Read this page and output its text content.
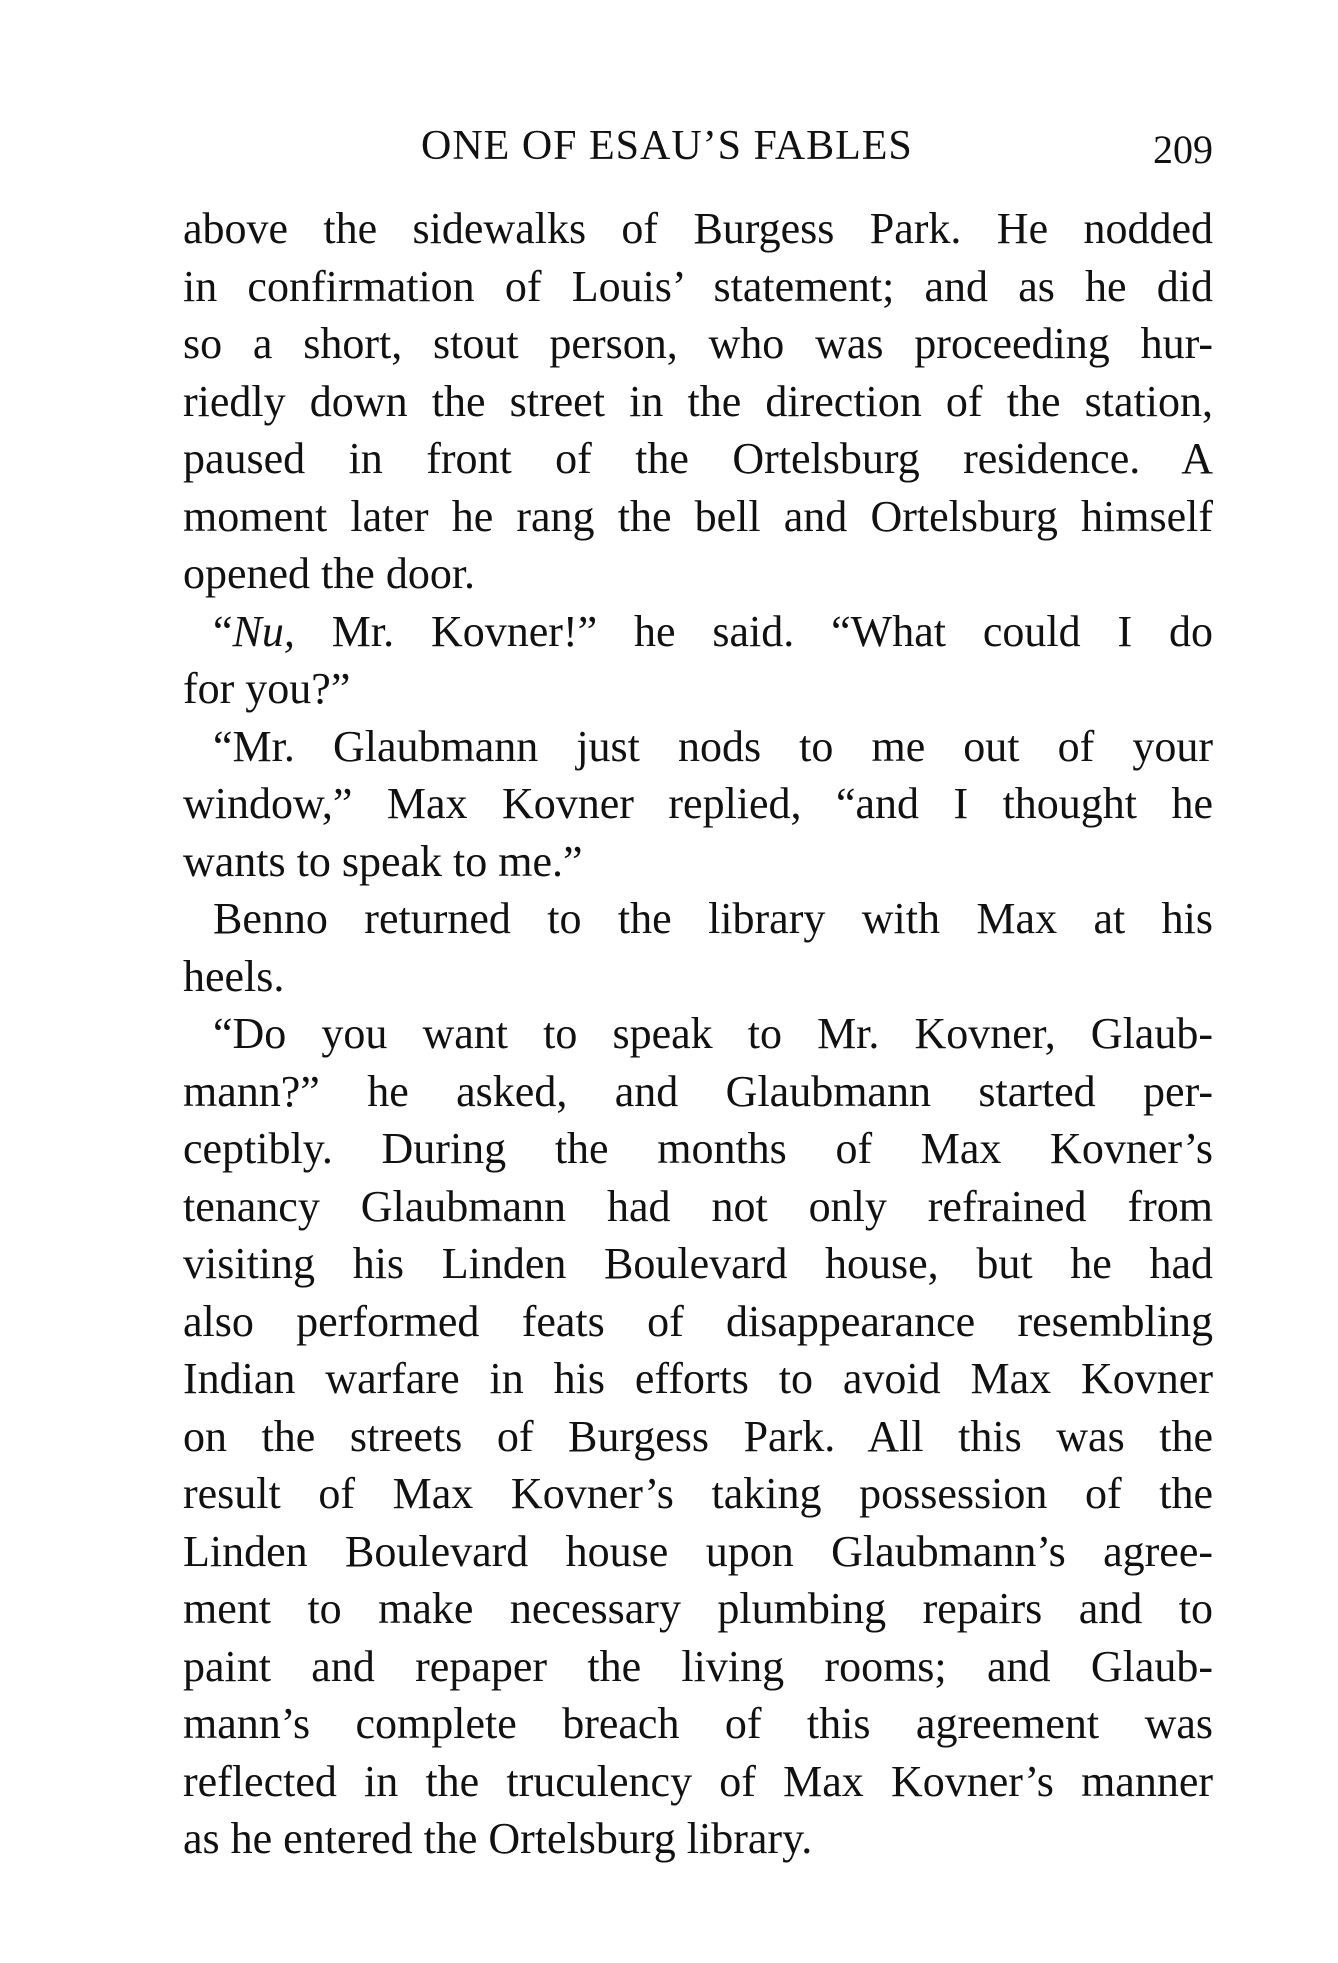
ONE OF ESAU’S FABLES	209
above the sidewalks of Burgess Park. He nodded
in confirmation of Louis’ statement; and as he did
so a short, stout person, who was proceeding hur-
riedly down the street in the direction of the station,
paused in front of the Ortelsburg residence. A
moment later he rang the bell and Ortelsburg himself
opened the door.
“Nu, Mr. Kovner!” he said. “What could I do
for you?”
“Mr. Glaubmann just nods to me out of your
window,” Max Kovner replied, “and I thought he
wants to speak to me.”
Benno returned to the library with Max at his
heels.
“Do you want to speak to Mr. Kovner, Glaub-
mann?” he asked, and Glaubmann started per-
ceptibly. During the months of Max Kovner’s
tenancy Glaubmann had not only refrained from
visiting his Linden Boulevard house, but he had
also performed feats of disappearance resembling
Indian warfare in his efforts to avoid Max Kovner
on the streets of Burgess Park. All this was the
result of Max Kovner’s taking possession of the
Linden Boulevard house upon Glaubmann’s agree-
ment to make necessary plumbing repairs and to
paint and repaper the living rooms; and Glaub-
mann’s complete breach of this agreement was
reflected in the truculency of Max Kovner’s manner
as he entered the Ortelsburg library.
